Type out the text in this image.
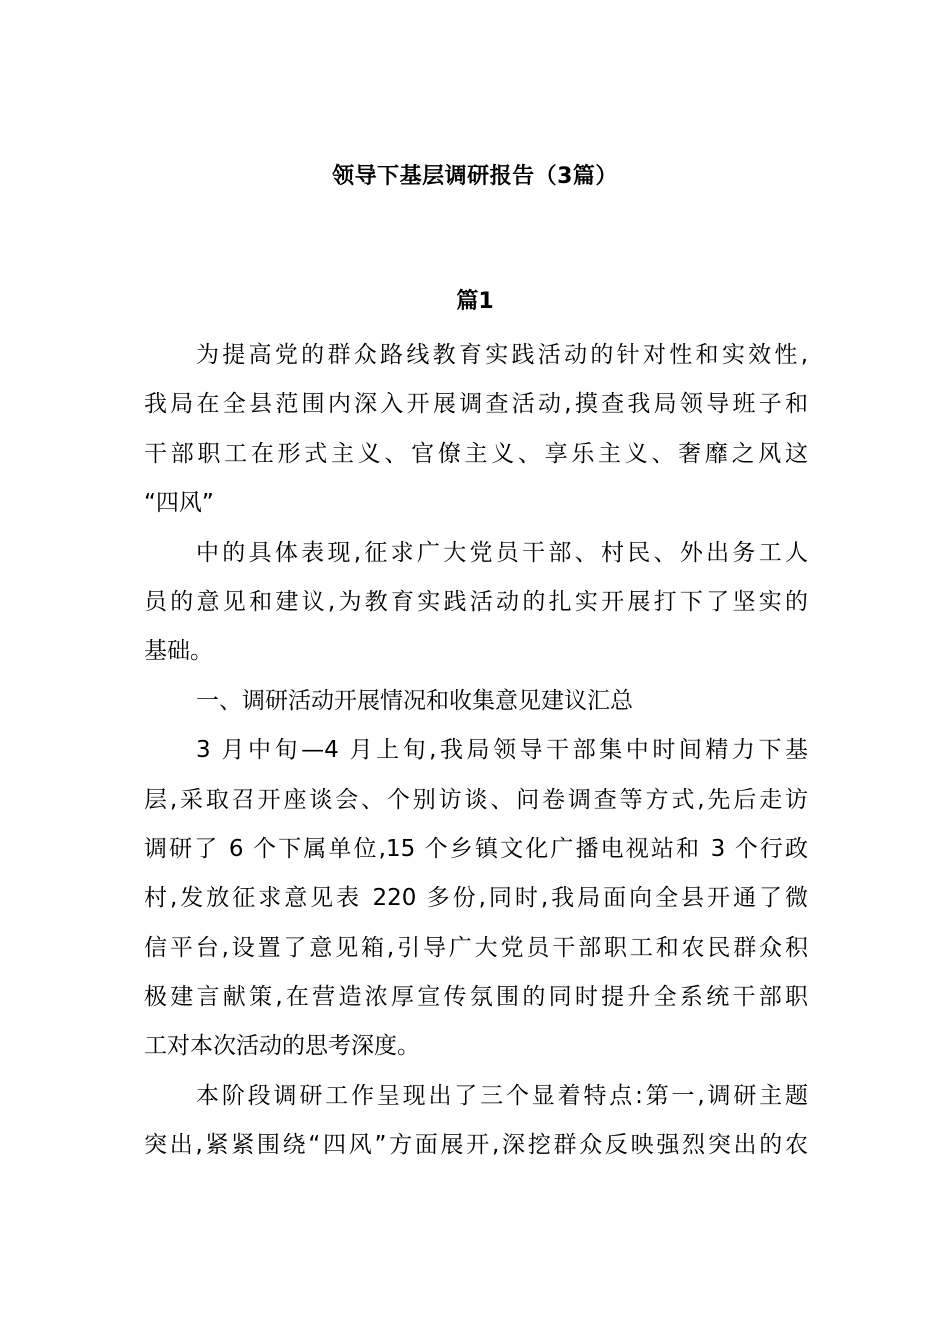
领导下基层调研报告（3篇）
篇1
为提高党的群众路线教育实践活动的针对性和实效性,
我局在全县范围内深入开展调查活动,摸查我局领导班子和
干部职工在形式主义、官僚主义、享乐主义、奢靡之风这
“四风”
中的具体表现,征求广大党员干部、村民、外出务工人
员的意见和建议,为教育实践活动的扎实开展打下了坚实的
基础。
一、调研活动开展情况和收集意见建议汇总
3 月中旬—4 月上旬,我局领导干部集中时间精力下基
层,采取召开座谈会、个别访谈、问卷调查等方式,先后走访
调研了 6 个下属单位,15 个乡镇文化广播电视站和 3 个行政
村,发放征求意见表 220 多份,同时,我局面向全县开通了微
信平台,设置了意见箱,引导广大党员干部职工和农民群众积
极建言献策,在营造浓厚宣传氛围的同时提升全系统干部职
工对本次活动的思考深度。
本阶段调研工作呈现出了三个显着特点:第一,调研主题
突出,紧紧围绕“四风”方面展开,深挖群众反映强烈突出的农
